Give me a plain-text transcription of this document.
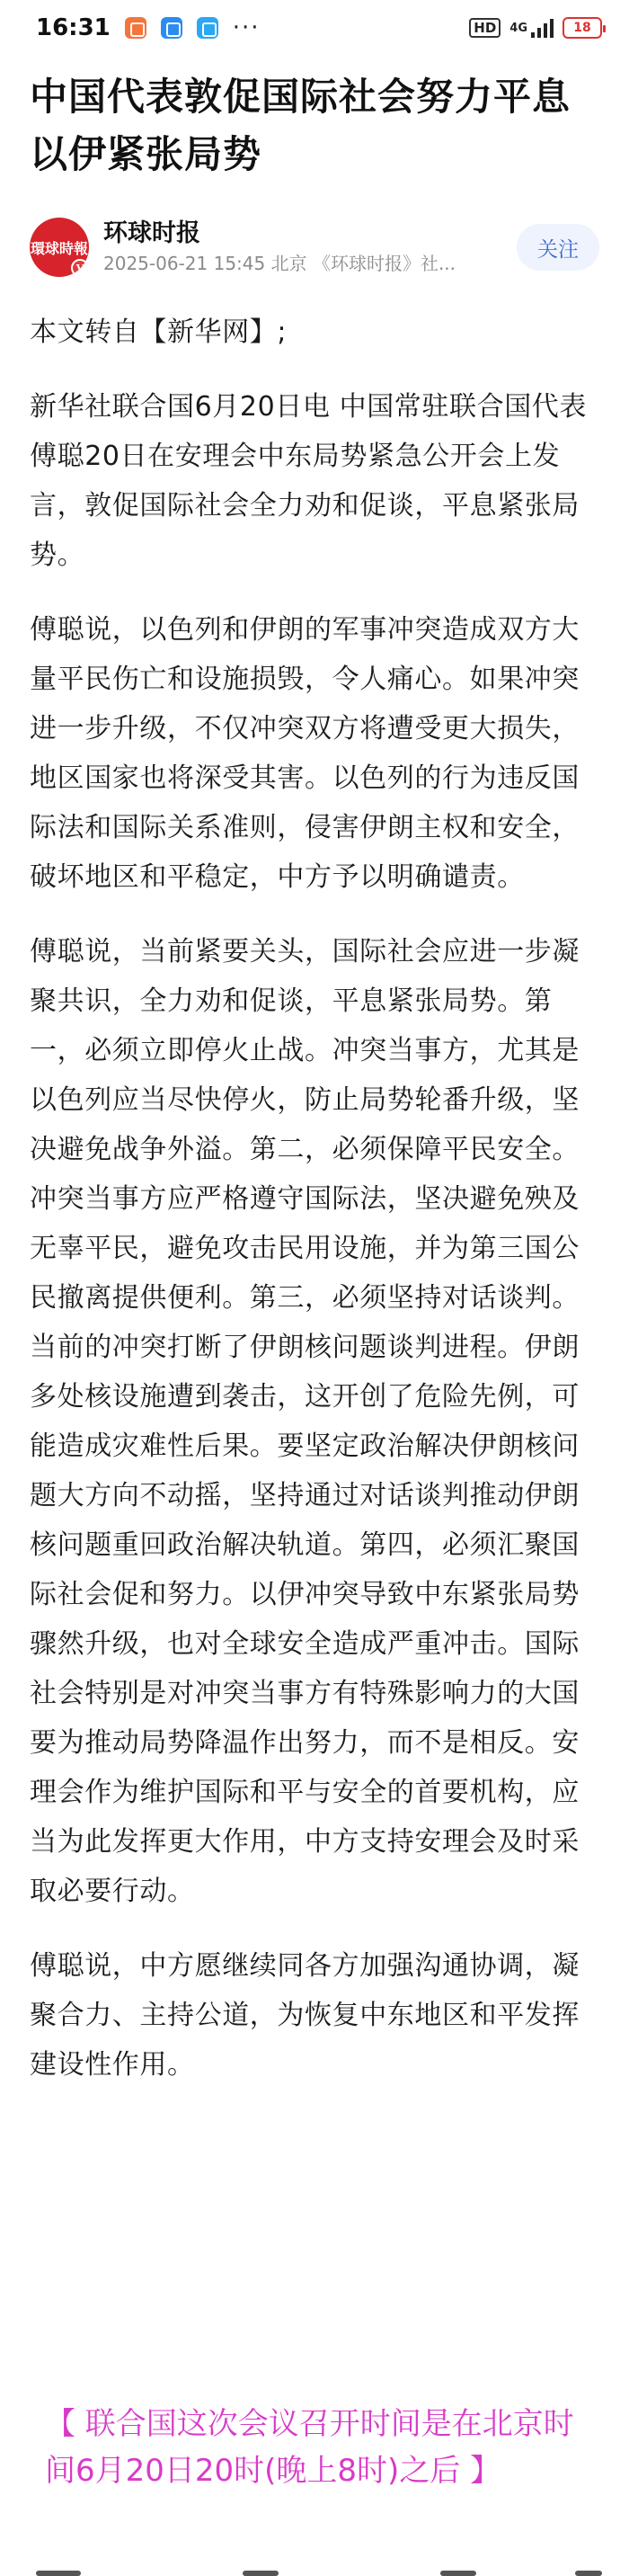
16:31	···	HD	4G	18
中国代表敦促国际社会努力平息以伊紧张局势
環球時報
V
环球时报
2025-06-21 15:45 北京 《环球时报》社...
关注

本文转自【新华网】;

新华社联合国6月20日电 中国常驻联合国代表傅聪20日在安理会中东局势紧急公开会上发言，敦促国际社会全力劝和促谈，平息紧张局势。

傅聪说，以色列和伊朗的军事冲突造成双方大量平民伤亡和设施损毁，令人痛心。如果冲突进一步升级，不仅冲突双方将遭受更大损失，地区国家也将深受其害。以色列的行为违反国际法和国际关系准则，侵害伊朗主权和安全，破坏地区和平稳定，中方予以明确谴责。

傅聪说，当前紧要关头，国际社会应进一步凝聚共识，全力劝和促谈，平息紧张局势。第一，必须立即停火止战。冲突当事方，尤其是以色列应当尽快停火，防止局势轮番升级，坚决避免战争外溢。第二，必须保障平民安全。冲突当事方应严格遵守国际法，坚决避免殃及无辜平民，避免攻击民用设施，并为第三国公民撤离提供便利。第三，必须坚持对话谈判。当前的冲突打断了伊朗核问题谈判进程。伊朗多处核设施遭到袭击，这开创了危险先例，可能造成灾难性后果。要坚定政治解决伊朗核问题大方向不动摇，坚持通过对话谈判推动伊朗核问题重回政治解决轨道。第四，必须汇聚国际社会促和努力。以伊冲突导致中东紧张局势骤然升级，也对全球安全造成严重冲击。国际社会特别是对冲突当事方有特殊影响力的大国要为推动局势降温作出努力，而不是相反。安理会作为维护国际和平与安全的首要机构，应当为此发挥更大作用，中方支持安理会及时采取必要行动。

傅聪说，中方愿继续同各方加强沟通协调，凝聚合力、主持公道，为恢复中东地区和平发挥建设性作用。

【 联合国这次会议召开时间是在北京时间6月20日20时(晚上8时)之后 】
